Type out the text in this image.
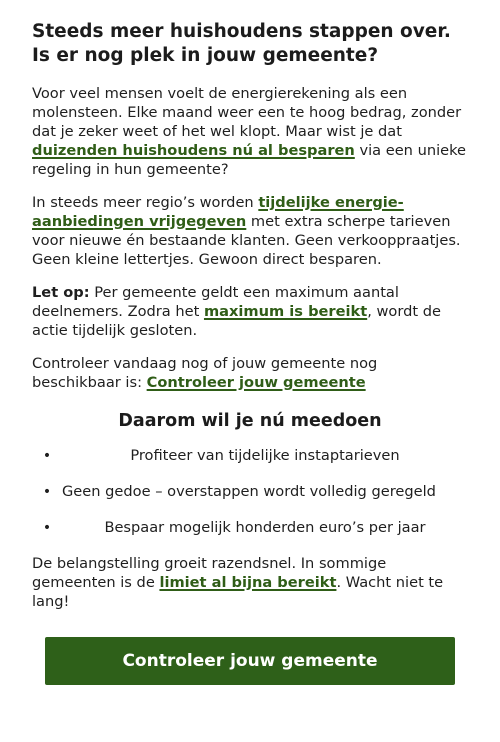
Steeds meer huishoudens stappen over. Is er nog plek in jouw gemeente?

Voor veel mensen voelt de energierekening als een molensteen. Elke maand weer een te hoog bedrag, zonder dat je zeker weet of het wel klopt. Maar wist je dat duizenden huishoudens nú al besparen via een unieke regeling in hun gemeente?

In steeds meer regio’s worden tijdelijke energie-aanbiedingen vrijgegeven met extra scherpe tarieven voor nieuwe én bestaande klanten. Geen verkooppraatjes. Geen kleine lettertjes. Gewoon direct besparen.

Let op: Per gemeente geldt een maximum aantal deelnemers. Zodra het maximum is bereikt, wordt de actie tijdelijk gesloten.

Controleer vandaag nog of jouw gemeente nog beschikbaar is: Controleer jouw gemeente

Daarom wil je nú meedoen
•	Profiteer van tijdelijke instaptarieven
• Geen gedoe – overstappen wordt volledig geregeld
•	Bespaar mogelijk honderden euro’s per jaar

De belangstelling groeit razendsnel. In sommige gemeenten is de limiet al bijna bereikt. Wacht niet te lang!

Controleer jouw gemeente
